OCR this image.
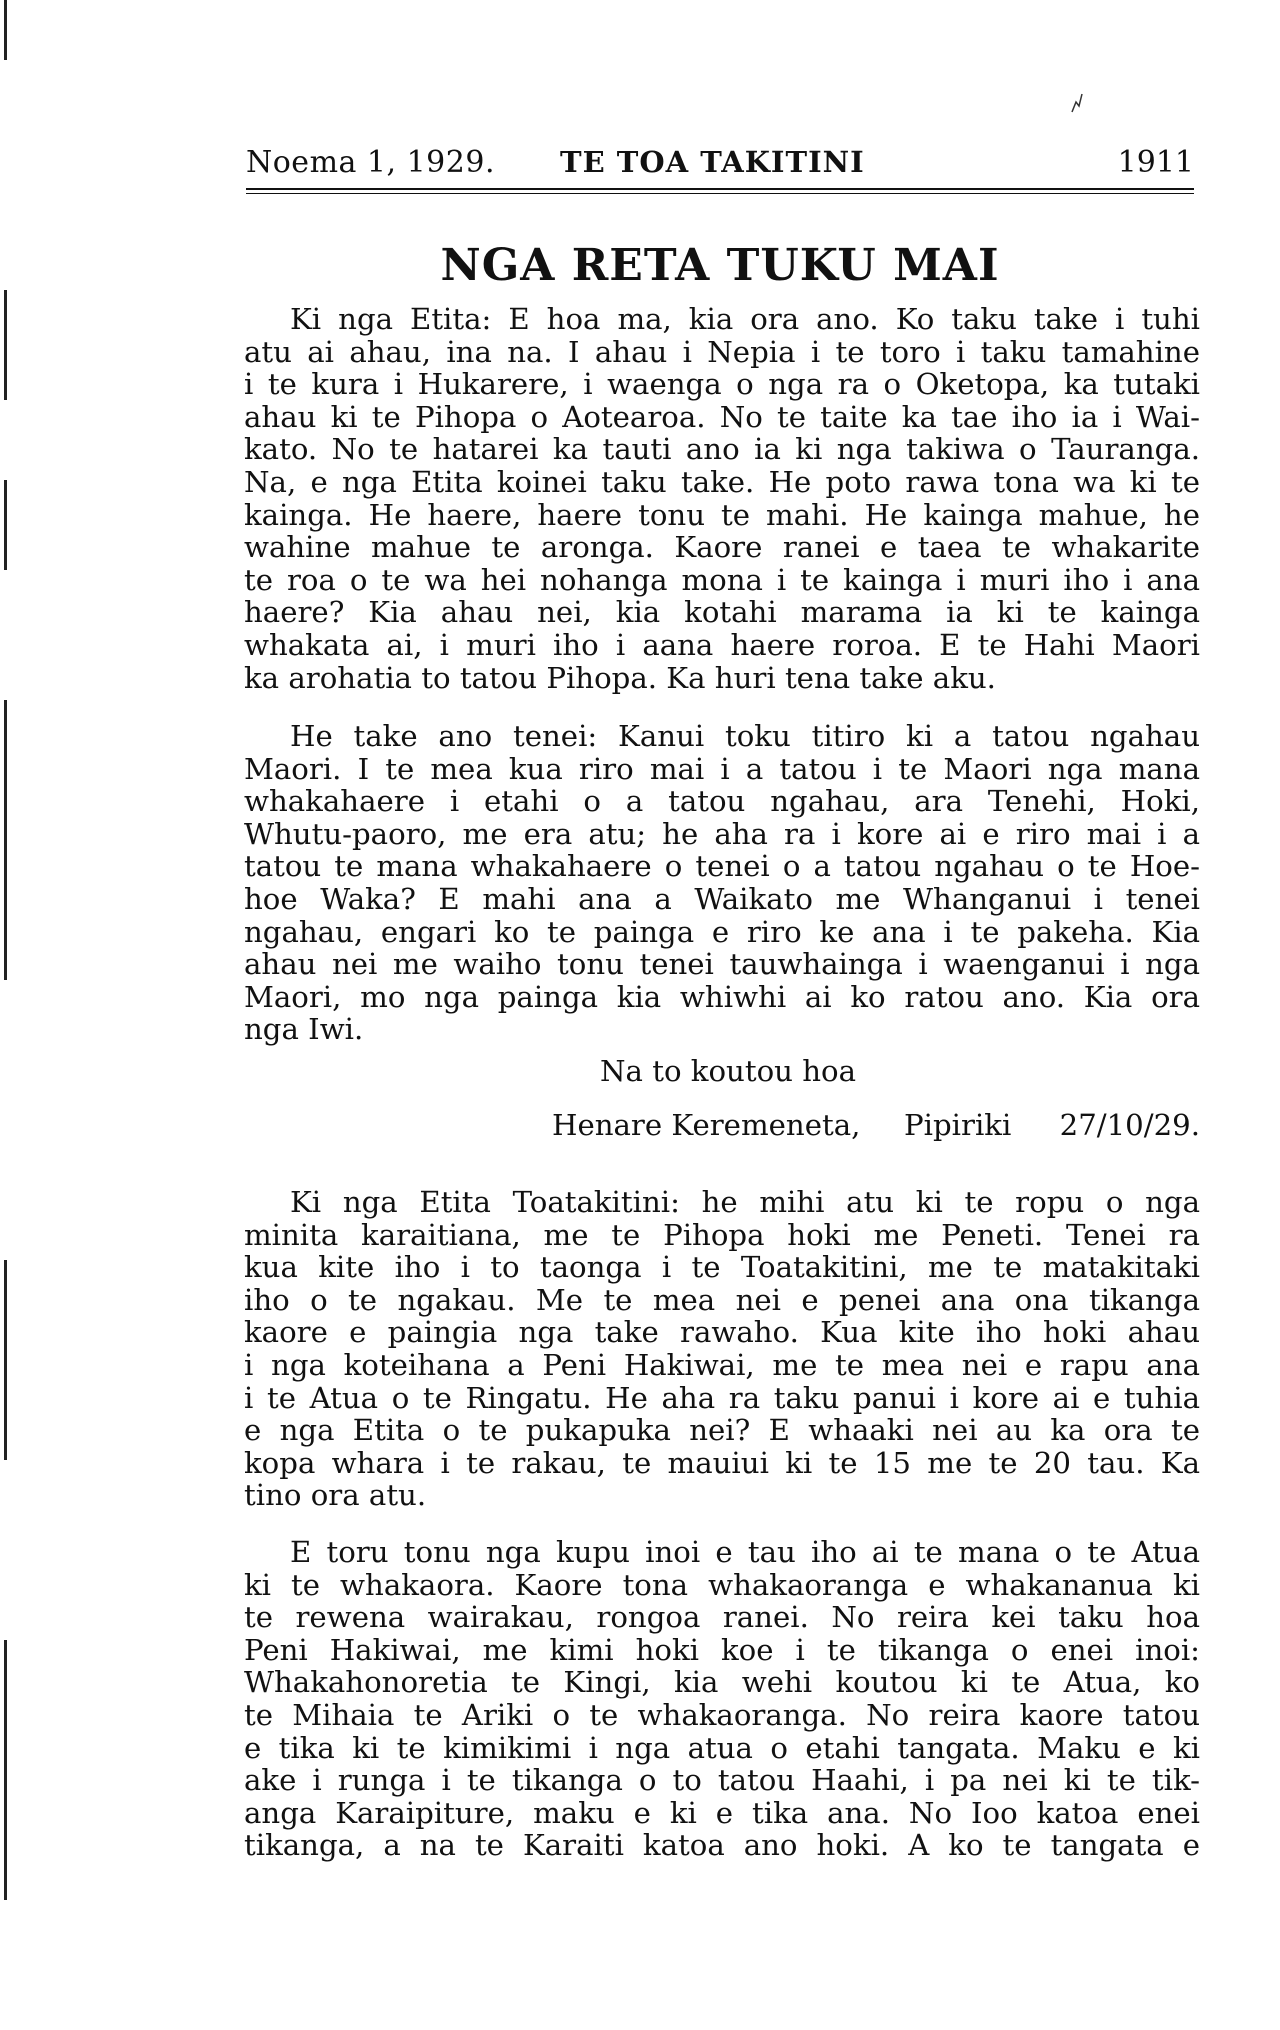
Noema 1, 1929. TE TOA TAKITINI	1911
NGA RETA TUKU MAI
Ki nga Etita: E hoa ma, kia ora ano. Ko taku take i tuhi
atu ai ahau, ina na. I ahau i Nepia i te toro i taku tamahine
i te kura i Hukarere, i waenga o nga ra o Oketopa, ka tutaki
ahau ki te Pihopa o Aotearoa. No te taite ka tae iho ia i Wai-
kato. No te hatarei ka tauti ano ia ki nga takiwa o Tauranga.
Na, e nga Etita koinei taku take. He poto rawa tona wa ki te
kainga. He haere, haere tonu te mahi. He kainga mahue, he
wahine mahue te aronga. Kaore ranei e taea te whakarite
te roa o te wa hei nohanga mona i te kainga i muri iho i ana
haere? Kia ahau nei, kia kotahi marama ia ki te kainga
whakata ai, i muri iho i aana haere roroa. E te Hahi Maori
ka arohatia to tatou Pihopa. Ka huri tena take aku.
He take ano tenei: Kanui toku titiro ki a tatou ngahau
Maori. I te mea kua riro mai i a tatou i te Maori nga mana
whakahaere i etahi o a tatou ngahau, ara Tenehi, Hoki,
Whutu-paoro, me era atu; he aha ra i kore ai e riro mai i a
tatou te mana whakahaere o tenei o a tatou ngahau o te Hoe-
hoe Waka? E mahi ana a Waikato me Whanganui i tenei
ngahau, engari ko te painga e riro ke ana i te pakeha. Kia
ahau nei me waiho tonu tenei tauwhainga i waenganui i nga
Maori, mo nga painga kia whiwhi ai ko ratou ano. Kia ora
nga Iwi.
Na to koutou hoa
Henare Keremeneta, Pipiriki 27/10/29.
Ki nga Etita Toatakitini: he mihi atu ki te ropu o nga
minita karaitiana, me te Pihopa hoki me Peneti. Tenei ra
kua kite iho i to taonga i te Toatakitini, me te matakitaki
iho o te ngakau. Me te mea nei e penei ana ona tikanga
kaore e paingia nga take rawaho. Kua kite iho hoki ahau
i nga koteihana a Peni Hakiwai, me te mea nei e rapu ana
i te Atua o te Ringatu. He aha ra taku panui i kore ai e tuhia
e nga Etita o te pukapuka nei? E whaaki nei au ka ora te
kopa whara i te rakau, te mauiui ki te 15 me te 20 tau. Ka
tino ora atu.
E toru tonu nga kupu inoi e tau iho ai te mana o te Atua
ki te whakaora. Kaore tona whakaoranga e whakananua ki
te rewena wairakau, rongoa ranei. No reira kei taku hoa
Peni Hakiwai, me kimi hoki koe i te tikanga o enei inoi:
Whakahonoretia te Kingi, kia wehi koutou ki te Atua, ko
te Mihaia te Ariki o te whakaoranga. No reira kaore tatou
e tika ki te kimikimi i nga atua o etahi tangata. Maku e ki
ake i runga i te tikanga o to tatou Haahi, i pa nei ki te tik-
anga Karaipiture, maku e ki e tika ana. No Ioo katoa enei
tikanga, a na te Karaiti katoa ano hoki. A ko te tangata e
